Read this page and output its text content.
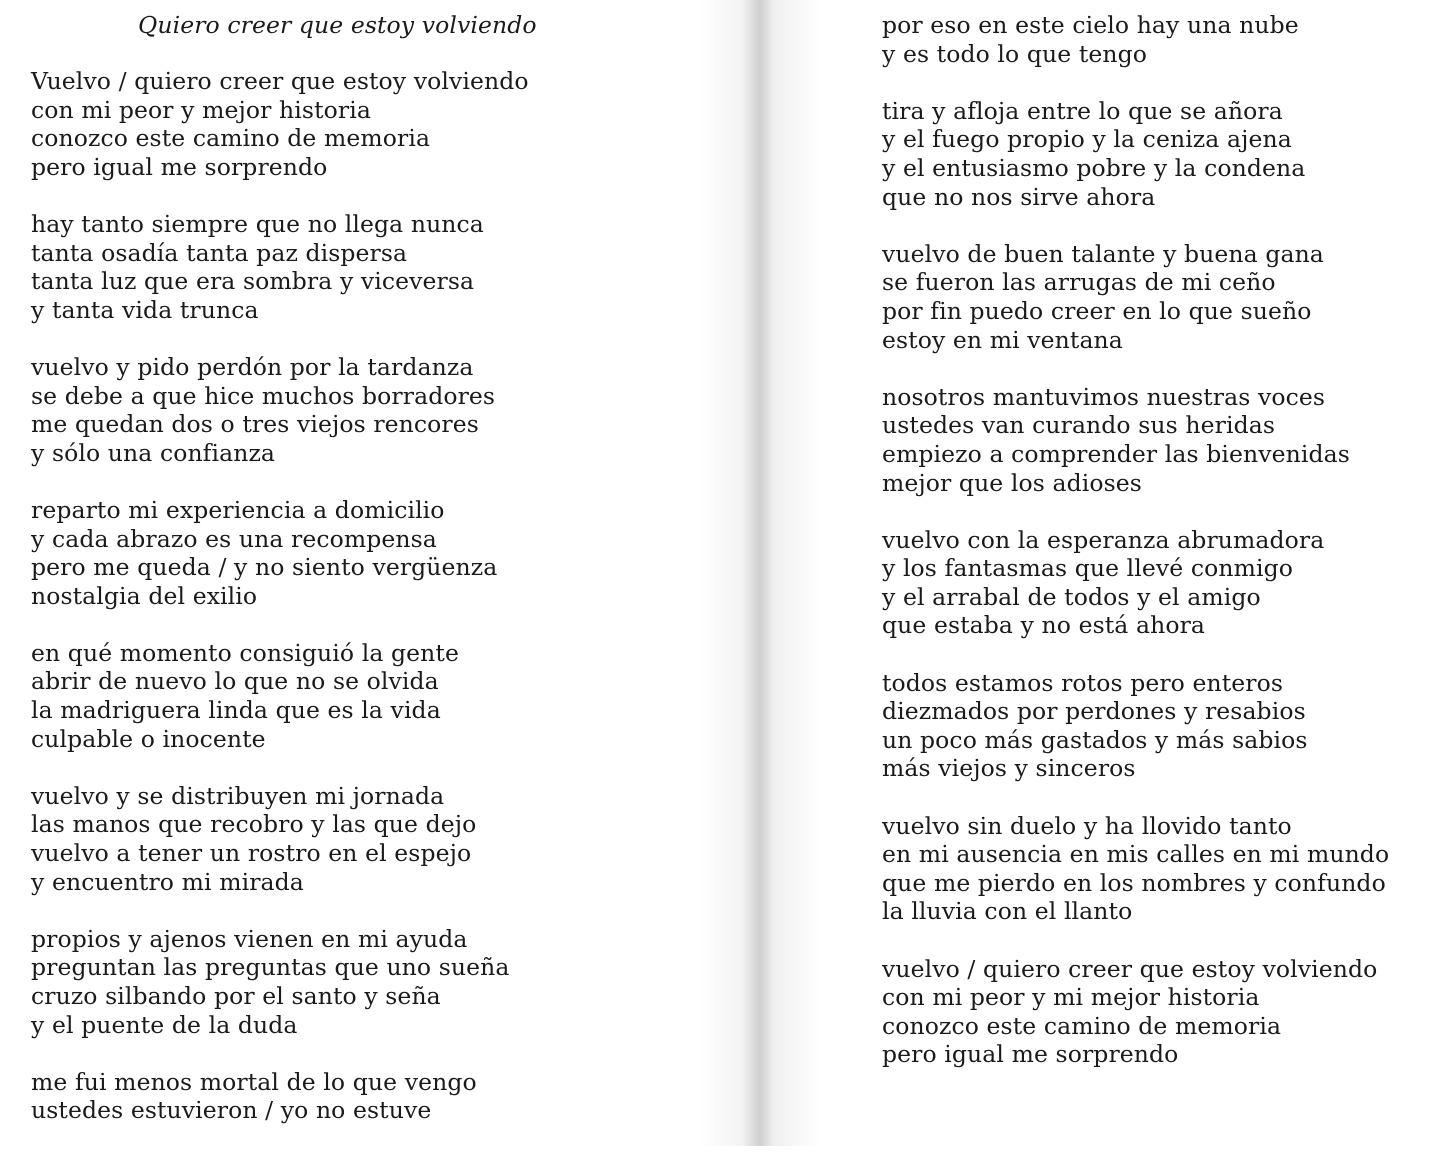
Quiero creer que estoy volviendo
Vuelvo / quiero creer que estoy volviendo
con mi peor y mejor historia
conozco este camino de memoria
pero igual me sorprendo
hay tanto siempre que no llega nunca
tanta osadía tanta paz dispersa
tanta luz que era sombra y viceversa
y tanta vida trunca
vuelvo y pido perdón por la tardanza
se debe a que hice muchos borradores
me quedan dos o tres viejos rencores
y sólo una confianza
reparto mi experiencia a domicilio
y cada abrazo es una recompensa
pero me queda / y no siento vergüenza
nostalgia del exilio
en qué momento consiguió la gente
abrir de nuevo lo que no se olvida
la madriguera linda que es la vida
culpable o inocente
vuelvo y se distribuyen mi jornada
las manos que recobro y las que dejo
vuelvo a tener un rostro en el espejo
y encuentro mi mirada
propios y ajenos vienen en mi ayuda
preguntan las preguntas que uno sueña
cruzo silbando por el santo y seña
y el puente de la duda
me fui menos mortal de lo que vengo
ustedes estuvieron / yo no estuve
por eso en este cielo hay una nube
y es todo lo que tengo
tira y afloja entre lo que se añora
y el fuego propio y la ceniza ajena
y el entusiasmo pobre y la condena
que no nos sirve ahora
vuelvo de buen talante y buena gana
se fueron las arrugas de mi ceño
por fin puedo creer en lo que sueño
estoy en mi ventana
nosotros mantuvimos nuestras voces
ustedes van curando sus heridas
empiezo a comprender las bienvenidas
mejor que los adioses
vuelvo con la esperanza abrumadora
y los fantasmas que llevé conmigo
y el arrabal de todos y el amigo
que estaba y no está ahora
todos estamos rotos pero enteros
diezmados por perdones y resabios
un poco más gastados y más sabios
más viejos y sinceros
vuelvo sin duelo y ha llovido tanto
en mi ausencia en mis calles en mi mundo
que me pierdo en los nombres y confundo
la lluvia con el llanto
vuelvo / quiero creer que estoy volviendo
con mi peor y mi mejor historia
conozco este camino de memoria
pero igual me sorprendo
